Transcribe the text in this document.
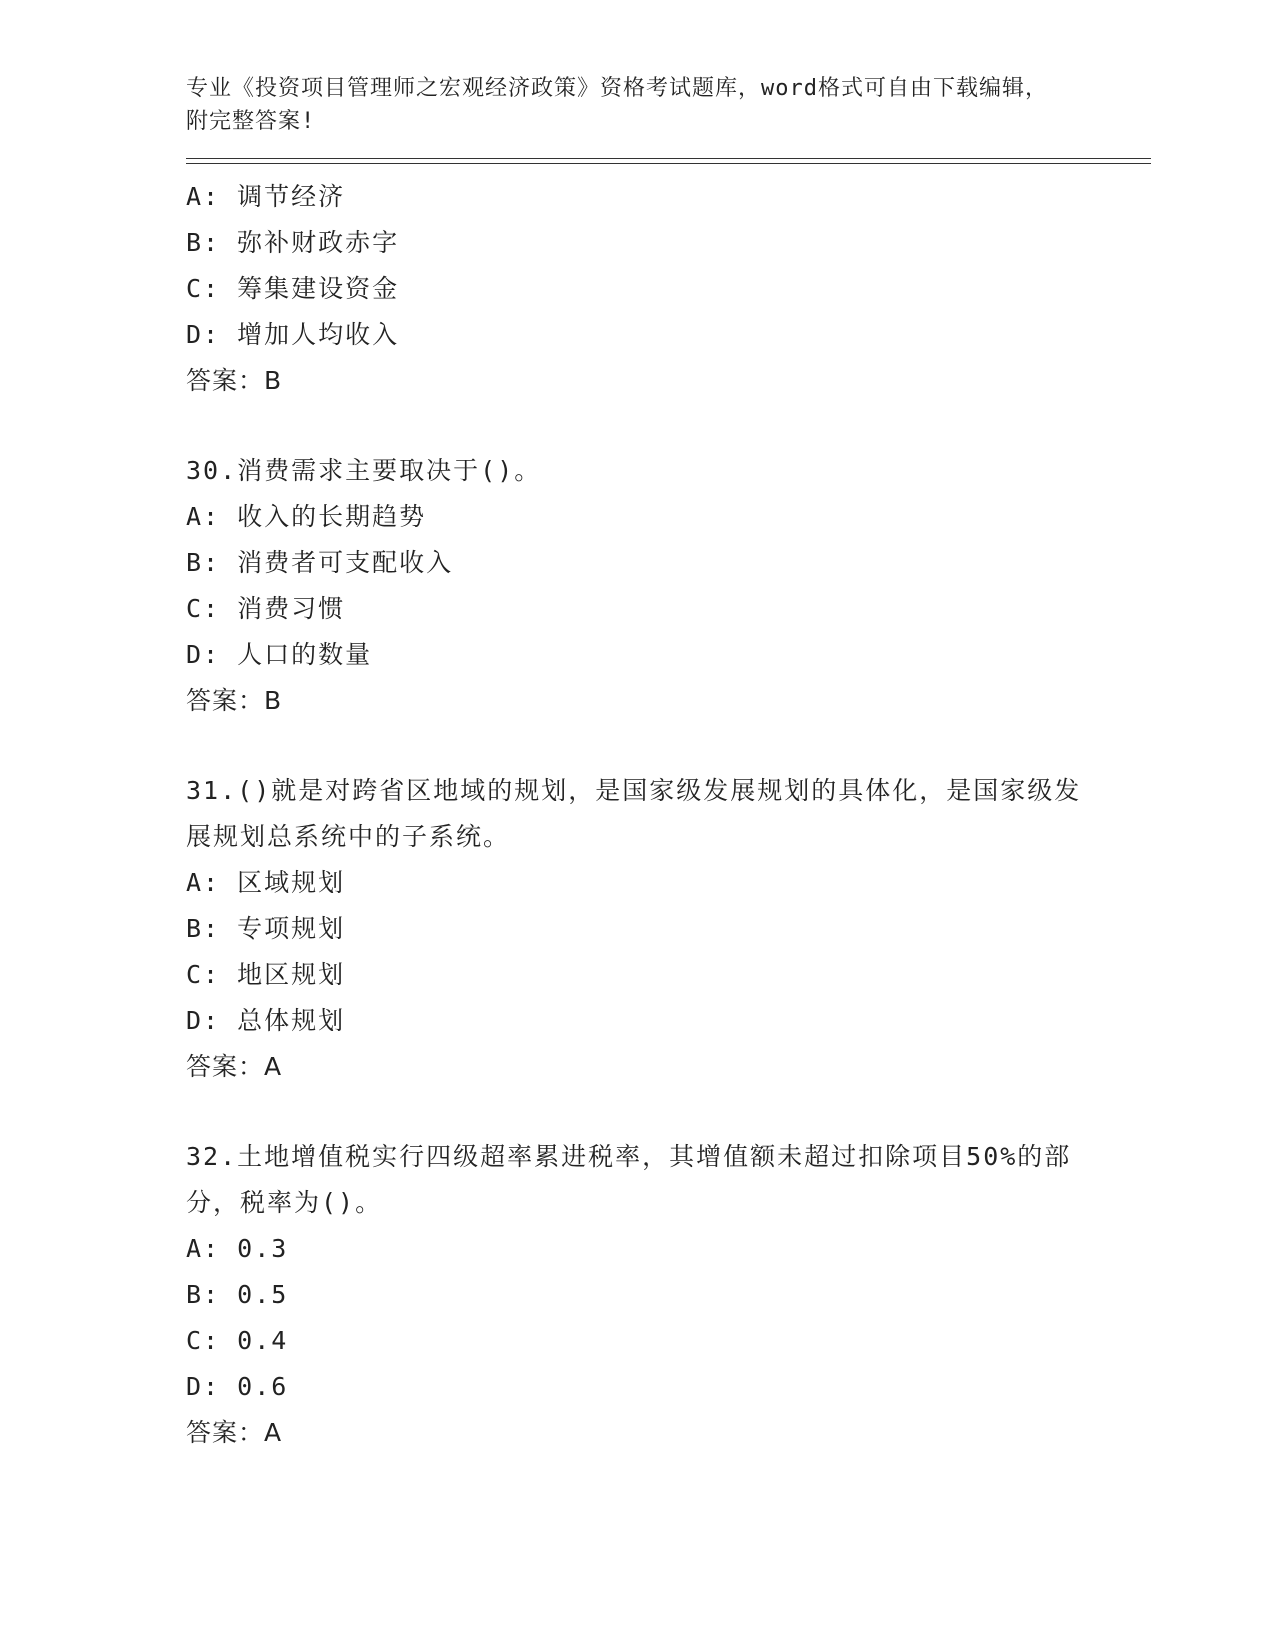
专业《投资项目管理师之宏观经济政策》资格考试题库，word格式可自由下载编辑，附完整答案!

A: 调节经济
B: 弥补财政赤字
C: 筹集建设资金
D: 增加人均收入
答案：B
30.消费需求主要取决于()。
A: 收入的长期趋势
B: 消费者可支配收入
C: 消费习惯
D: 人口的数量
答案：B
31.()就是对跨省区地域的规划，是国家级发展规划的具体化，是国家级发展规划总系统中的子系统。
A: 区域规划
B: 专项规划
C: 地区规划
D: 总体规划
答案：A
32.土地增值税实行四级超率累进税率，其增值额未超过扣除项目50%的部分，税率为()。
A: 0.3
B: 0.5
C: 0.4
D: 0.6
答案：A
